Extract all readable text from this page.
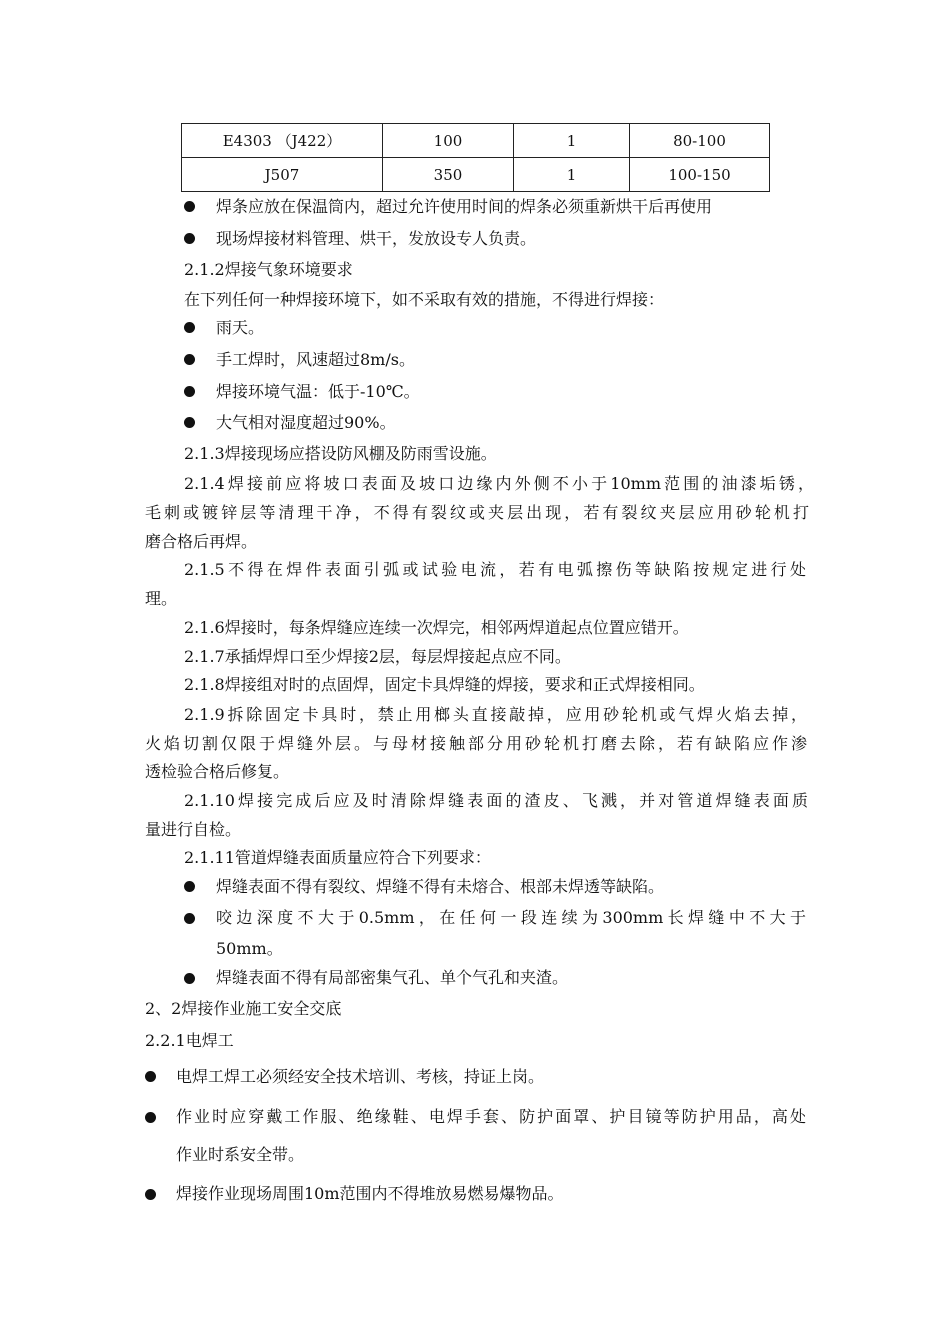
E4303 （J422）	100	1	80-100
J507	350	1	100-150
焊条应放在保温筒内，超过允许使用时间的焊条必须重新烘干后再使用
现场焊接材料管理、烘干，发放设专人负责。
2.1.2焊接气象环境要求
在下列任何一种焊接环境下，如不采取有效的措施，不得进行焊接：
雨天。
手工焊时，风速超过8m/s。
焊接环境气温：低于-10℃。
大气相对湿度超过90%。
2.1.3焊接现场应搭设防风棚及防雨雪设施。
2.1.4焊接前应将坡口表面及坡口边缘内外侧不小于10mm范围的油漆垢锈，
毛刺或镀锌层等清理干净，不得有裂纹或夹层出现，若有裂纹夹层应用砂轮机打
磨合格后再焊。
2.1.5不得在焊件表面引弧或试验电流，若有电弧擦伤等缺陷按规定进行处
理。
2.1.6焊接时，每条焊缝应连续一次焊完，相邻两焊道起点位置应错开。
2.1.7承插焊焊口至少焊接2层，每层焊接起点应不同。
2.1.8焊接组对时的点固焊，固定卡具焊缝的焊接，要求和正式焊接相同。
2.1.9拆除固定卡具时，禁止用榔头直接敲掉，应用砂轮机或气焊火焰去掉，
火焰切割仅限于焊缝外层。与母材接触部分用砂轮机打磨去除，若有缺陷应作渗
透检验合格后修复。
2.1.10焊接完成后应及时清除焊缝表面的渣皮、飞溅，并对管道焊缝表面质
量进行自检。
2.1.11管道焊缝表面质量应符合下列要求：
焊缝表面不得有裂纹、焊缝不得有未熔合、根部未焊透等缺陷。
咬边深度不大于0.5mm，在任何一段连续为300mm长焊缝中不大于
50mm。
焊缝表面不得有局部密集气孔、单个气孔和夹渣。
2、2焊接作业施工安全交底
2.2.1电焊工
电焊工焊工必须经安全技术培训、考核，持证上岗。
作业时应穿戴工作服、绝缘鞋、电焊手套、防护面罩、护目镜等防护用品，高处
作业时系安全带。
焊接作业现场周围10m范围内不得堆放易燃易爆物品。
